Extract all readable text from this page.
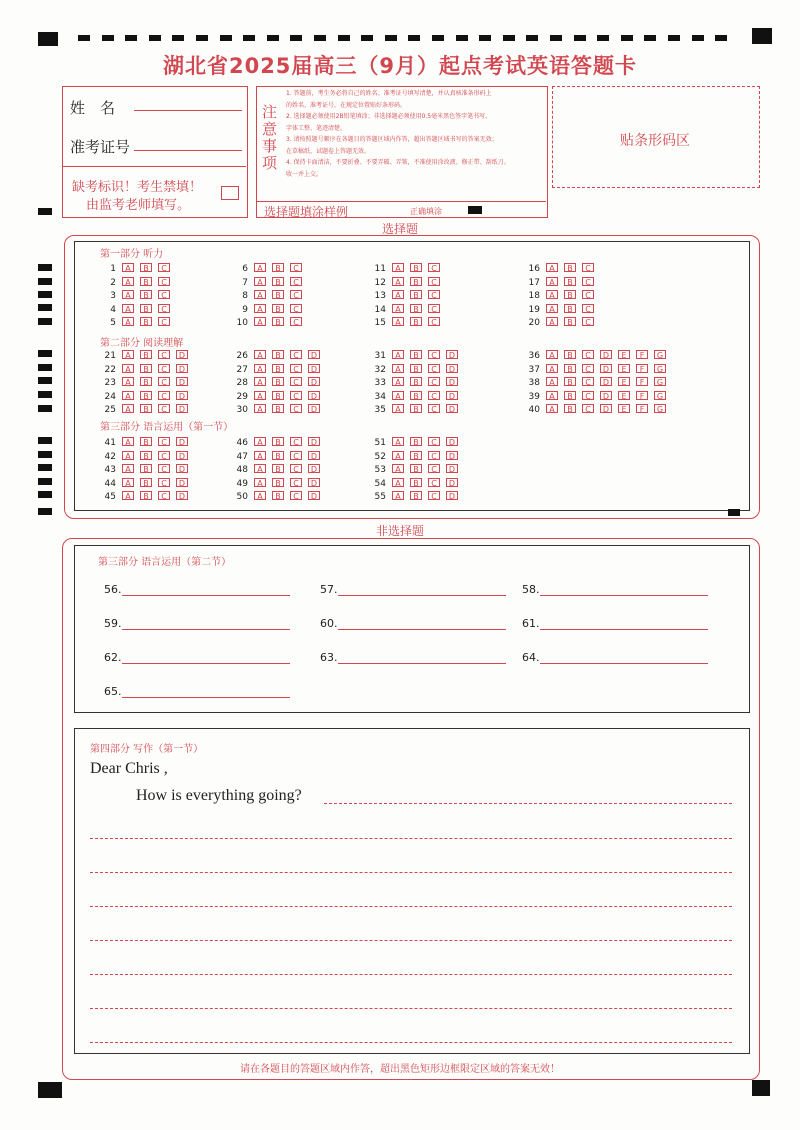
湖北省2025届高三（9月）起点考试英语答题卡
姓　名
准考证号
缺考标识！考生禁填！
由监考老师填写。
注意事项
1. 答题前，考生务必将自己的姓名、准考证号填写清楚，并认真核准条形码上
的姓名、准考证号，在规定位置贴好条形码。
2. 选择题必须使用2B铅笔填涂；非选择题必须使用0.5毫米黑色签字笔书写，
字体工整、笔迹清楚。
3. 请按照题号顺序在各题目的答题区域内作答，超出答题区域书写的答案无效；
在草稿纸、试题卷上答题无效。
4. 保持卡面清洁，不要折叠、不要弄破、弄皱，不准使用涂改液、修正带、刮纸刀。
收一并上交。
选择题填涂样例	正确填涂
贴条形码区
选择题
第一部分 听力
第二部分 阅读理解
第三部分 语言运用（第一节）
1 A B C
2 A B C
3 A B C
4 A B C
5 A B C
6 A B C
7 A B C
8 A B C
9 A B C
10 A B C
11 A B C
12 A B C
13 A B C
14 A B C
15 A B C
16 A B C
17 A B C
18 A B C
19 A B C
20 A B C
21 A B C D
22 A B C D
23 A B C D
24 A B C D
25 A B C D
26 A B C D
27 A B C D
28 A B C D
29 A B C D
30 A B C D
31 A B C D
32 A B C D
33 A B C D
34 A B C D
35 A B C D
36 A B C D E F G
37 A B C D E F G
38 A B C D E F G
39 A B C D E F G
40 A B C D E F G
41 A B C D
42 A B C D
43 A B C D
44 A B C D
45 A B C D
46 A B C D
47 A B C D
48 A B C D
49 A B C D
50 A B C D
51 A B C D
52 A B C D
53 A B C D
54 A B C D
55 A B C D
非选择题
第三部分 语言运用（第二节）
56.	57.	58.
59.	60.	61.
62.	63.	64.
65.
第四部分 写作（第一节）
Dear Chris ,
How is everything going?
请在各题目的答题区域内作答，超出黑色矩形边框限定区域的答案无效！
